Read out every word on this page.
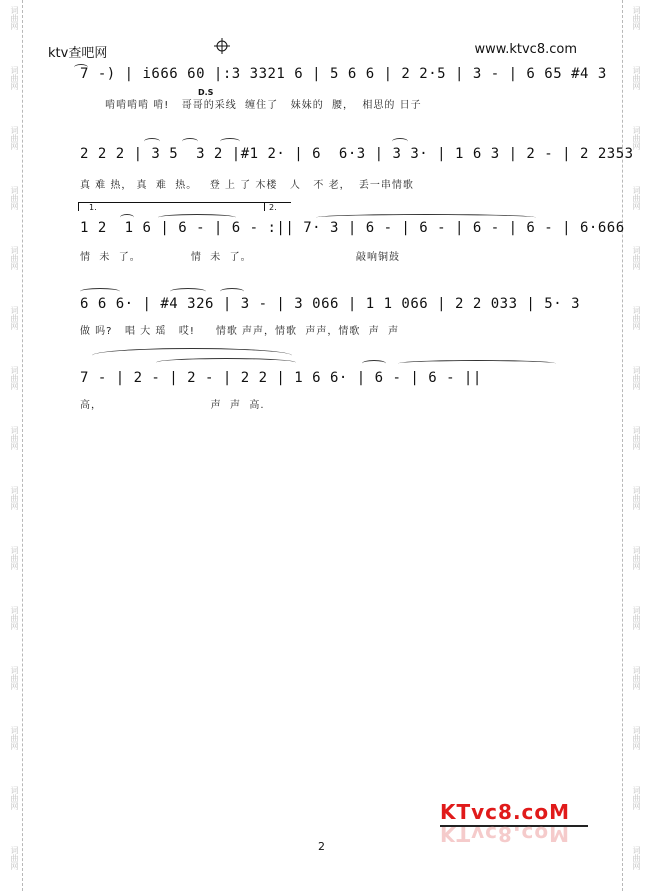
词曲网
词曲网
词曲网
词曲网
词曲网
词曲网
词曲网
词曲网
词曲网
词曲网
词曲网
词曲网
词曲网
词曲网
词曲网
词曲网
词曲网
词曲网
词曲网
词曲网
词曲网
词曲网
词曲网
词曲网
词曲网
词曲网
词曲网
词曲网
词曲网
词曲网
ktv查吧网	www.ktvc8.com
7 -) | i666 60 |:3 3321 6 | 5 6 6 | 2 2·5 | 3 - | 6 65 #4 3
D.S
啃啃啃啃 啃!   哥哥的采线  缠住了   妹妹的  腰，  相思的 日子
2 2 2 | 3 5  3 2 |#1 2· | 6  6·3 | 3 3· | 1 6 3 | 2 - | 2 2353
真 难 热， 真  难  热。   登 上 了 木楼   人   不 老，  丢一串情歌
1.	2.
1 2  1 6 | 6 - | 6 - :|| 7· 3 | 6 - | 6 - | 6 - | 6 - | 6·666
情  未  了。            情  未  了。                         敲响铜鼓
6 6 6· | #4 326 | 3 - | 3 066 | 1 1 066 | 2 2 033 | 5· 3
做 吗?   唱 大 瑶   哎!     情歌 声声，情歌  声声，情歌  声  声
7 - | 2 - | 2 - | 2 2 | 1 6 6· | 6 - | 6 - ||
高，                          声  声  高.
KTvc8.coM
KTvc8.coM
2
